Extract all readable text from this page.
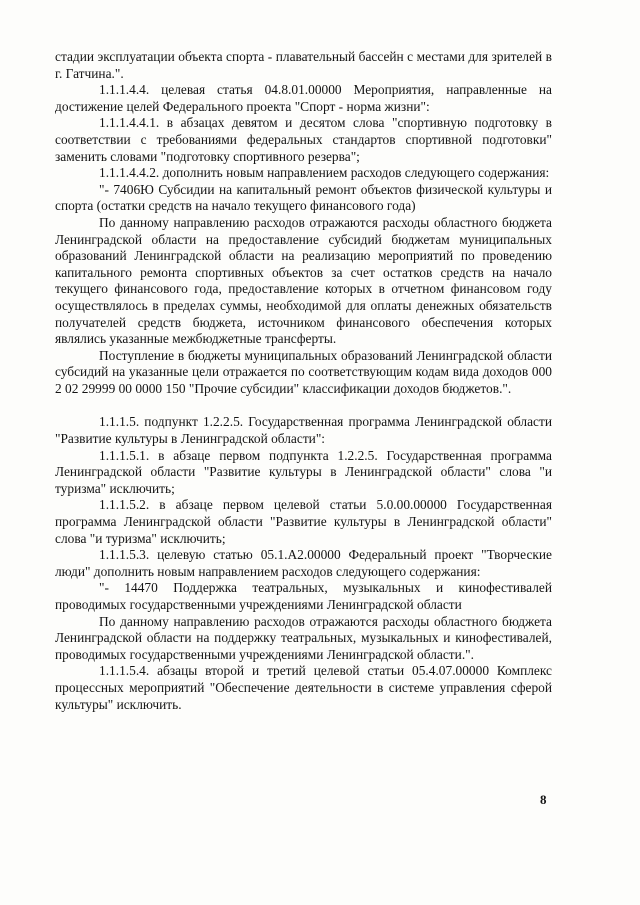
стадии эксплуатации объекта спорта - плавательный бассейн с местами для зрителей в г. Гатчина.".

1.1.1.4.4. целевая статья 04.8.01.00000 Мероприятия, направленные на достижение целей Федерального проекта "Спорт - норма жизни":

1.1.1.4.4.1. в абзацах девятом и десятом слова "спортивную подготовку в соответствии с требованиями федеральных стандартов спортивной подготовки" заменить словами "подготовку спортивного резерва";

1.1.1.4.4.2. дополнить новым направлением расходов следующего содержания:

"- 7406Ю Субсидии на капитальный ремонт объектов физической культуры и спорта (остатки средств на начало текущего финансового года)

По данному направлению расходов отражаются расходы областного бюджета Ленинградской области на предоставление субсидий бюджетам муниципальных образований Ленинградской области на реализацию мероприятий по проведению капитального ремонта спортивных объектов за счет остатков средств на начало текущего финансового года, предоставление которых в отчетном финансовом году осуществлялось в пределах суммы, необходимой для оплаты денежных обязательств получателей средств бюджета, источником финансового обеспечения которых являлись указанные межбюджетные трансферты.

Поступление в бюджеты муниципальных образований Ленинградской области субсидий на указанные цели отражается по соответствующим кодам вида доходов 000 2 02 29999 00 0000 150 "Прочие субсидии" классификации доходов бюджетов.".

1.1.1.5. подпункт 1.2.2.5. Государственная программа Ленинградской области "Развитие культуры в Ленинградской области":

1.1.1.5.1. в абзаце первом подпункта 1.2.2.5. Государственная программа Ленинградской области "Развитие культуры в Ленинградской области" слова "и туризма" исключить;

1.1.1.5.2. в абзаце первом целевой статьи 5.0.00.00000 Государственная программа Ленинградской области "Развитие культуры в Ленинградской области" слова "и туризма" исключить;

1.1.1.5.3. целевую статью 05.1.А2.00000 Федеральный проект "Творческие люди" дополнить новым направлением расходов следующего содержания:

"- 14470 Поддержка театральных, музыкальных и кинофестивалей проводимых государственными учреждениями Ленинградской области

По данному направлению расходов отражаются расходы областного бюджета Ленинградской области на поддержку театральных, музыкальных и кинофестивалей, проводимых государственными учреждениями Ленинградской области.".

1.1.1.5.4. абзацы второй и третий целевой статьи 05.4.07.00000 Комплекс процессных мероприятий "Обеспечение деятельности в системе управления сферой культуры" исключить.

8
